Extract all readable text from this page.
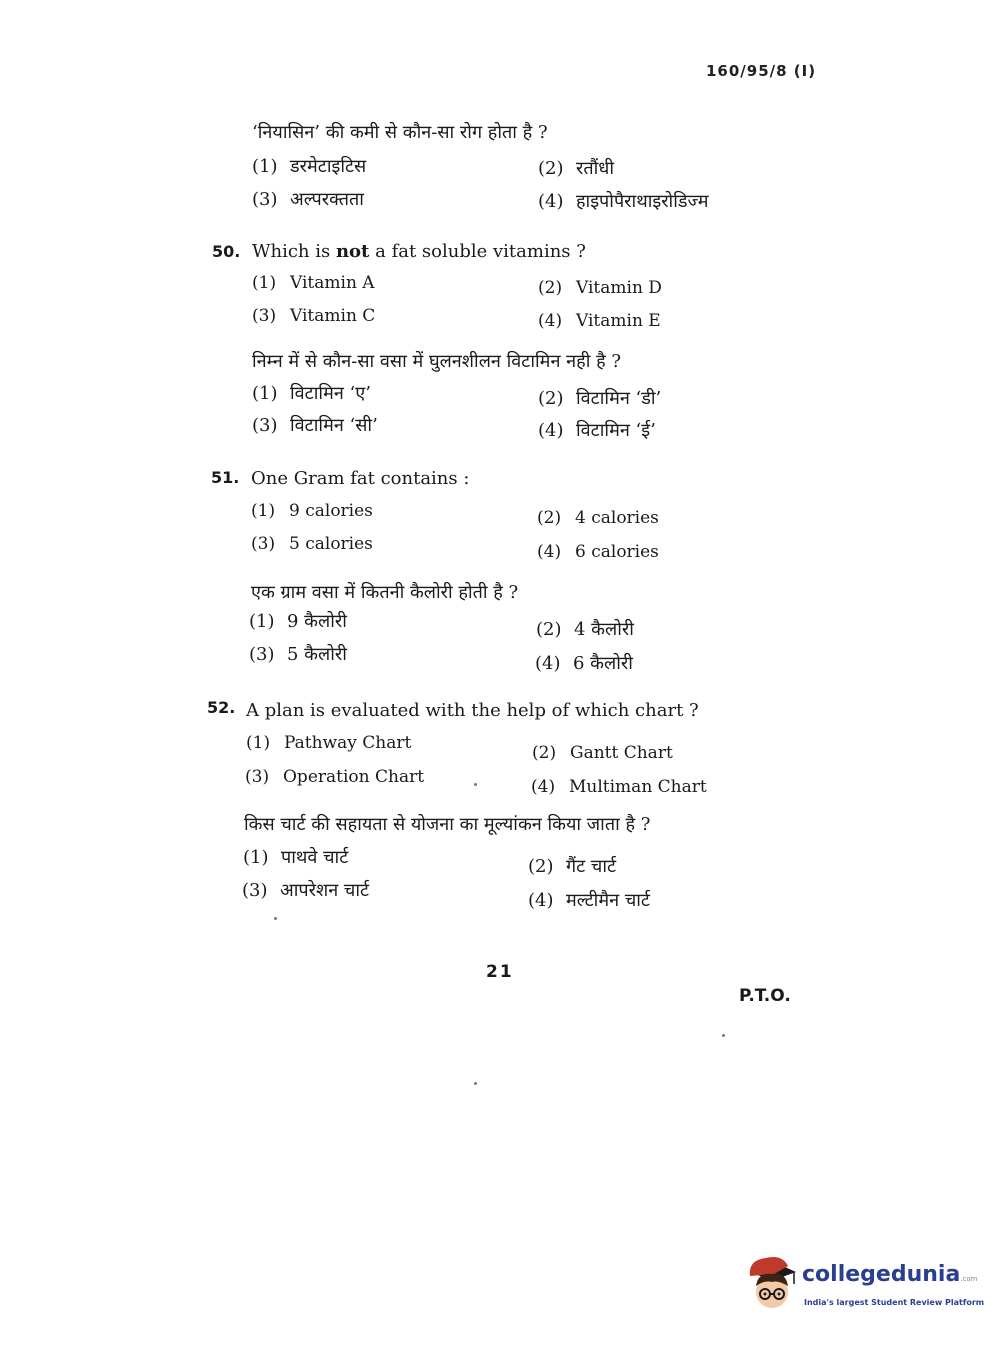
160/95/8 (I)
‘नियासिन’ की कमी से कौन-सा रोग होता है ?
(1) डरमेटाइटिस	(2) रतौंधी
(3) अल्परक्तता	(4) हाइपोपैराथाइरोडिज्म
50. Which is not a fat soluble vitamins ?
(1) Vitamin A	(2) Vitamin D
(3) Vitamin C	(4) Vitamin E
निम्न में से कौन-सा वसा में घुलनशीलन विटामिन नही है ?
(1) विटामिन ‘ए’	(2) विटामिन ‘डी’
(3) विटामिन ‘सी’	(4) विटामिन ‘ई’
51. One Gram fat contains :
(1) 9 calories	(2) 4 calories
(3) 5 calories	(4) 6 calories
एक ग्राम वसा में कितनी कैलोरी होती है ?
(1) 9 कैलोरी	(2) 4 कैलोरी
(3) 5 कैलोरी	(4) 6 कैलोरी
52. A plan is evaluated with the help of which chart ?
(1) Pathway Chart	(2) Gantt Chart
(3) Operation Chart	(4) Multiman Chart
किस चार्ट की सहायता से योजना का मूल्यांकन किया जाता है ?
(1) पाथवे चार्ट	(2) गैंट चार्ट
(3) आपरेशन चार्ट	(4) मल्टीमैन चार्ट
21
P.T.O.
collegedunia.com
India's largest Student Review Platform
